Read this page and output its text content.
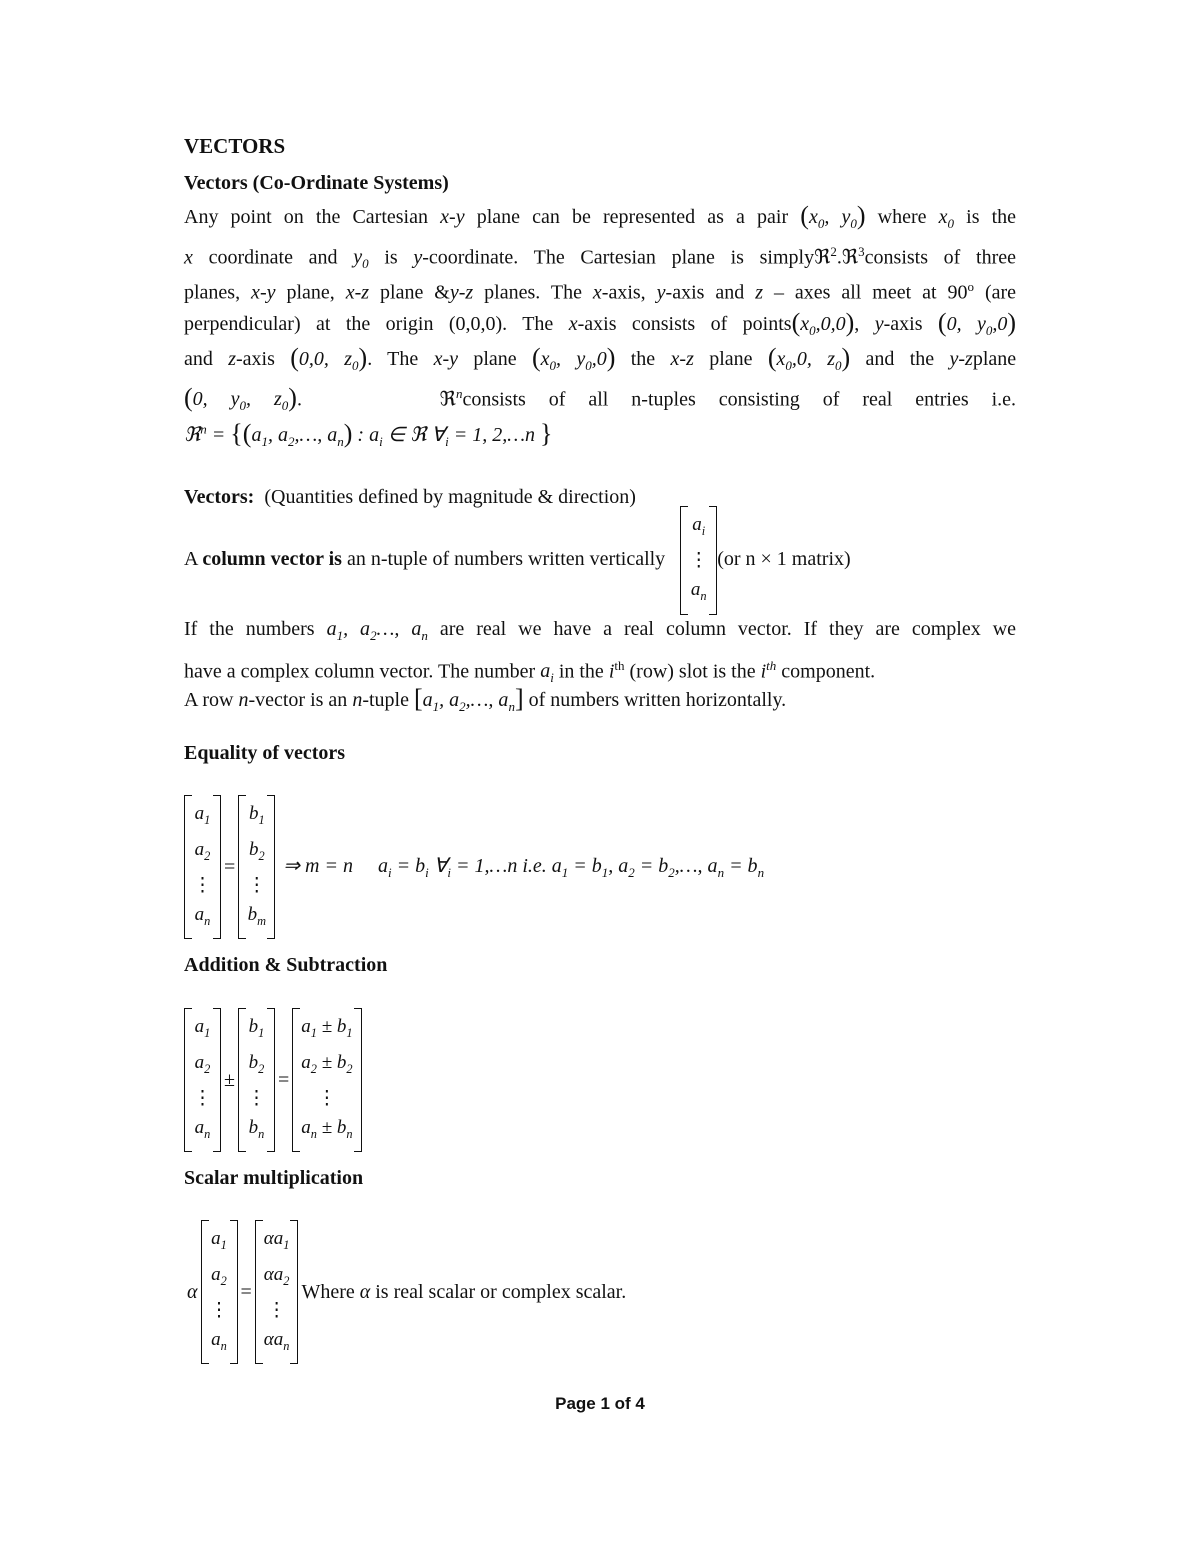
VECTORS
Vectors (Co-Ordinate Systems)
Any point on the Cartesian x-y plane can be represented as a pair ($x_0$, $y_0$) where $x_0$ is the
x coordinate and $y_0$ is y-coordinate. The Cartesian plane is simplyℜ$^2$.ℜ$^3$consists of three
planes, x-y plane, x-z plane &y-z planes. The x-axis, y-axis and z – axes all meet at 90$^o$ (are
perpendicular) at the origin (0,0,0). The x-axis consists of $points(x_0,0,0)$, y-axis (0, $y_0,0$)
and z-axis (0,0, $z_0$). The x-y plane ($x_0$, $y_0,0$) the x-z plane ($x_0,0$, $z_0$) and the y-zplane
(0, $y_0$, $z_0$).      ℜ$^n$consists of all n-tuples consisting of real entries i.e.
ℜ$^n$ = {($a_1$, $a_2,\dots$, $a_n$) : $a_i$ ∈ ℜ $\forall_i = 1$, 2,…n }
Vectors: (Quantities defined by magnitude & direction)
A column vector is an n-tuple of numbers written vertically
$a_i$
⋮
$a_n$
(or n × 1 matrix)
If the numbers $a_1$, $a_2\dots$, $a_n$ are real we have a real column vector. If they are complex we
have a complex column vector. The number $a_i$ in the $i^{th}$ (row) slot is the $i^{th}$ component.
A row n-vector is an n-tuple [$a_1$, $a_2,\dots$, $a_n$] of numbers written horizontally.
Equality of vectors
$a_1$
$a_2$
⋮
$a_n$
=
$b_1$
$b_2$
⋮
$b_m$
⇒ m = n     $a_i = b_i$ $\forall_i$ = 1,…n i.e. $a_1 = b_1$, $a_2$ = $b_2,\dots$, $a_n = b_n$
Addition & Subtraction
$a_1$
$a_2$
⋮
$a_n$
±
$b_1$
$b_2$
⋮
$b_n$
=
$a_1 \pm b_1$
$a_2 \pm b_2$
⋮
$a_n \pm b_n$
Scalar multiplication
α
$a_1$
$a_2$
⋮
$a_n$
=
$\alpha a_1$
$\alpha a_2$
⋮
$\alpha a_n$
Where α is real scalar or complex scalar.
Page 1 of 4
